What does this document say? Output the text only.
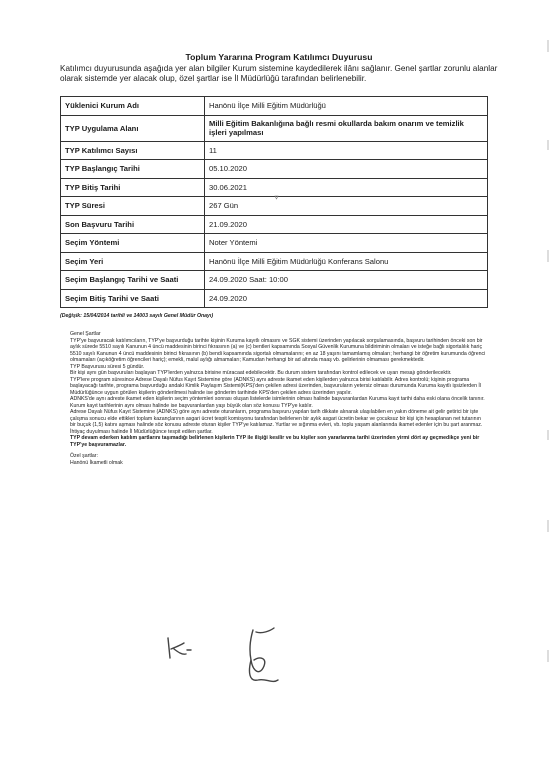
Toplum Yararına Program Katılımcı Duyurusu

Katılımcı duyurusunda aşağıda yer alan bilgiler Kurum sistemine kaydedilerek ilânı sağlanır. Genel şartlar zorunlu alanlar olarak sistemde yer alacak olup, özel şartlar ise İl Müdürlüğü tarafından belirlenebilir.

Yüklenici Kurum Adı	Hanönü İlçe Milli Eğitim Müdürlüğü
TYP Uygulama Alanı	Milli Eğitim Bakanlığına bağlı resmi okullarda bakım onarım ve temizlik işleri yapılması
TYP Katılımcı Sayısı	11
TYP Başlangıç Tarihi	05.10.2020
TYP Bitiş Tarihi	30.06.2021
TYP Süresi	267 Gün
Son Başvuru Tarihi	21.09.2020
Seçim Yöntemi	Noter Yöntemi
Seçim Yeri	Hanönü İlçe Milli Eğitim Müdürlüğü Konferans Salonu
Seçim Başlangıç Tarihi ve Saati	24.09.2020 Saat: 10:00
Seçim Bitiş Tarihi ve Saati	24.09.2020
(Değişik: 15/04/2014 tarihli ve 14003 sayılı Genel Müdür Onayı)

Genel Şartlar

TYP'ye başvuracak katılımcıların, TYP'ye başvurduğu tarihte kişinin Kuruma kayıtlı olmasını ve SGK sistemi üzerinden yapılacak sorgulamasında, başvuru tarihinden önceki son bir aylık sürede 5510 sayılı Kanunun 4 üncü maddesinin birinci fıkrasının (a) ve (c) bentleri kapsamında Sosyal Güvenlik Kurumuna bildiriminin olmaları ve isteğe bağlı sigortalılık hariç 5510 sayılı Kanunun 4 üncü maddesinin birinci fıkrasının (b) bendi kapsamında sigortalı olmamalarını; en az 18 yaşını tamamlamış olmaları; herhangi bir öğretim kurumunda öğrenci olmamaları (açıköğretim öğrencileri hariç); emekli, malul aylığı almamaları; Kamudan herhangi bir ad altında maaş vb. gelirlerinin olmaması gerekmektedir.

TYP Başvurusu süresi 5 gündür.

Bir kişi aynı gün başvuruları başlayan TYP'lerden yalnızca birisine müracaat edebilecektir. Bu durum sistem tarafından kontrol edilecek ve uyarı mesajı gönderilecektir.

TYP'lere program süresince Adrese Dayalı Nüfus Kayıt Sistemine göre (ADNKS) aynı adreste ikamet eden kişilerden yalnızca birisi katılabilir. Adres kontrolü; kişinin programa başlayacağı tarihte, programa başvurduğu andaki Kimlik Paylaşım Sistemi(KPS)'den çekilen adresi üzerinden, başvuruların yetersiz olması durumunda Kuruma kayıtlı işsizlerden İl Müdürlüğünce uygun görülen kişilerin gönderilmesi halinde ise gönderim tarihinde KPS'den çekilen adres üzerinden yapılır.

ADNKS'de aynı adreste ikamet eden kişilerin seçim yöntemleri sonrası oluşan listelerde isimlerinin olması halinde başvuranlardan Kuruma kayıt tarihi daha eski olana öncelik tanınır. Kurum kayıt tarihlerinin aynı olması halinde ise başvuranlardan yaşı büyük olan söz konusu TYP'ye katılır.

Adrese Dayalı Nüfus Kayıt Sistemine (ADNKS) göre aynı adreste oturanların, programa başvuru yapılan tarih dikkate alınarak ulaşılabilen en yakın döneme ait gelir getirici bir işte çalışma sonucu elde ettikleri toplam kazançlarının asgari ücret tespit komisyonu tarafından belirlenen bir aylık asgari ücretin bekar ve çocuksuz bir kişi için hesaplanan net tutarının bir buçuk (1,5) katını aşması halinde söz konusu adreste oturan kişiler TYP'ye katılamaz. Yurtlar ve sığınma evleri, vb. toplu yaşam alanlarında ikamet edenler için bu şart aranmaz.

İhtiyaç duyulması halinde İl Müdürlüğünce tespit edilen şartlar.

TYP devam ederken katılım şartlarını taşımadığı belirlenen kişilerin TYP ile ilişiği kesilir ve bu kişiler son yararlanma tarihi üzerinden yirmi dört ay geçmedikçe yeni bir TYP'ye başvuramazlar.

Özel şartlar:

Hanönü İkametli olmak
